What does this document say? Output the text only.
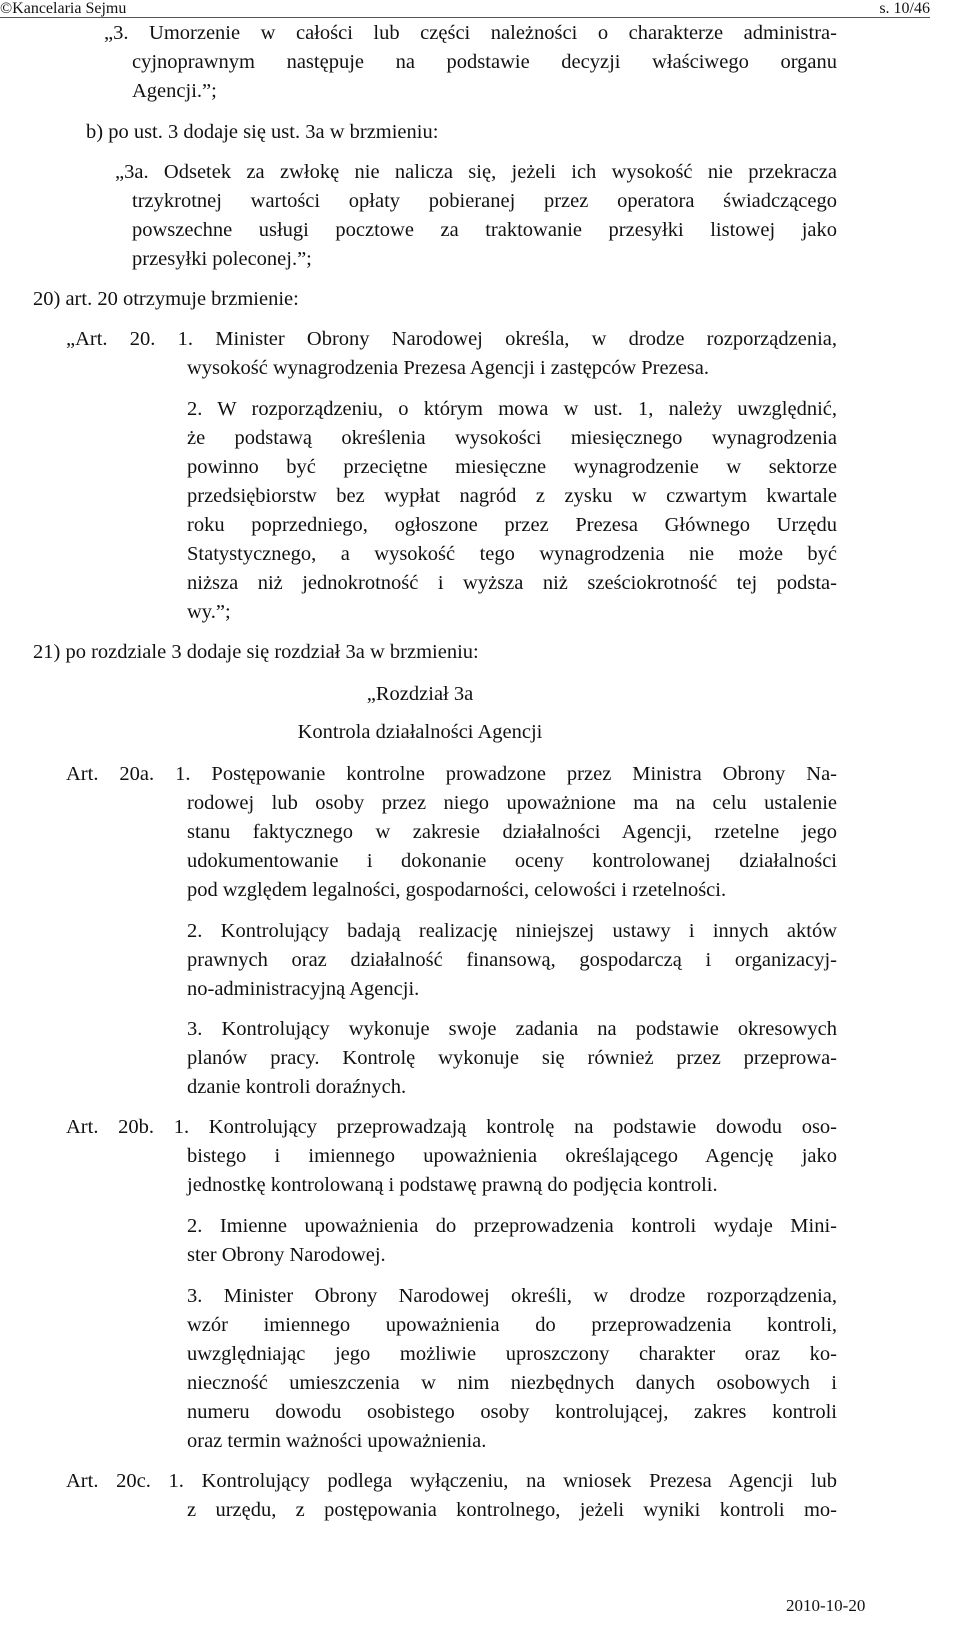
©Kancelaria Sejmu	s. 10/46
„3. Umorzenie w całości lub części należności o charakterze administra-
cyjnoprawnym następuje na podstawie decyzji właściwego organu
Agencji.”;
b) po ust. 3 dodaje się ust. 3a w brzmieniu:
„3a. Odsetek za zwłokę nie nalicza się, jeżeli ich wysokość nie przekracza
trzykrotnej wartości opłaty pobieranej przez operatora świadczącego
powszechne usługi pocztowe za traktowanie przesyłki listowej jako
przesyłki poleconej.”;
20) art. 20 otrzymuje brzmienie:
„Art. 20. 1. Minister Obrony Narodowej określa, w drodze rozporządzenia,
wysokość wynagrodzenia Prezesa Agencji i zastępców Prezesa.
2. W rozporządzeniu, o którym mowa w ust. 1, należy uwzględnić,
że podstawą określenia wysokości miesięcznego wynagrodzenia
powinno być przeciętne miesięczne wynagrodzenie w sektorze
przedsiębiorstw bez wypłat nagród z zysku w czwartym kwartale
roku poprzedniego, ogłoszone przez Prezesa Głównego Urzędu
Statystycznego, a wysokość tego wynagrodzenia nie może być
niższa niż jednokrotność i wyższa niż sześciokrotność tej podsta-
wy.”;
21) po rozdziale 3 dodaje się rozdział 3a w brzmieniu:
„Rozdział 3a
Kontrola działalności Agencji
Art. 20a. 1. Postępowanie kontrolne prowadzone przez Ministra Obrony Na-
rodowej lub osoby przez niego upoważnione ma na celu ustalenie
stanu faktycznego w zakresie działalności Agencji, rzetelne jego
udokumentowanie i dokonanie oceny kontrolowanej działalności
pod względem legalności, gospodarności, celowości i rzetelności.
2. Kontrolujący badają realizację niniejszej ustawy i innych aktów
prawnych oraz działalność finansową, gospodarczą i organizacyj-
no-administracyjną Agencji.
3. Kontrolujący wykonuje swoje zadania na podstawie okresowych
planów pracy. Kontrolę wykonuje się również przez przeprowa-
dzanie kontroli doraźnych.
Art. 20b. 1. Kontrolujący przeprowadzają kontrolę na podstawie dowodu oso-
bistego i imiennego upoważnienia określającego Agencję jako
jednostkę kontrolowaną i podstawę prawną do podjęcia kontroli.
2. Imienne upoważnienia do przeprowadzenia kontroli wydaje Mini-
ster Obrony Narodowej.
3. Minister Obrony Narodowej określi, w drodze rozporządzenia,
wzór imiennego upoważnienia do przeprowadzenia kontroli,
uwzględniając jego możliwie uproszczony charakter oraz ko-
nieczność umieszczenia w nim niezbędnych danych osobowych i
numeru dowodu osobistego osoby kontrolującej, zakres kontroli
oraz termin ważności upoważnienia.
Art. 20c. 1. Kontrolujący podlega wyłączeniu, na wniosek Prezesa Agencji lub
z urzędu, z postępowania kontrolnego, jeżeli wyniki kontroli mo-
2010-10-20
